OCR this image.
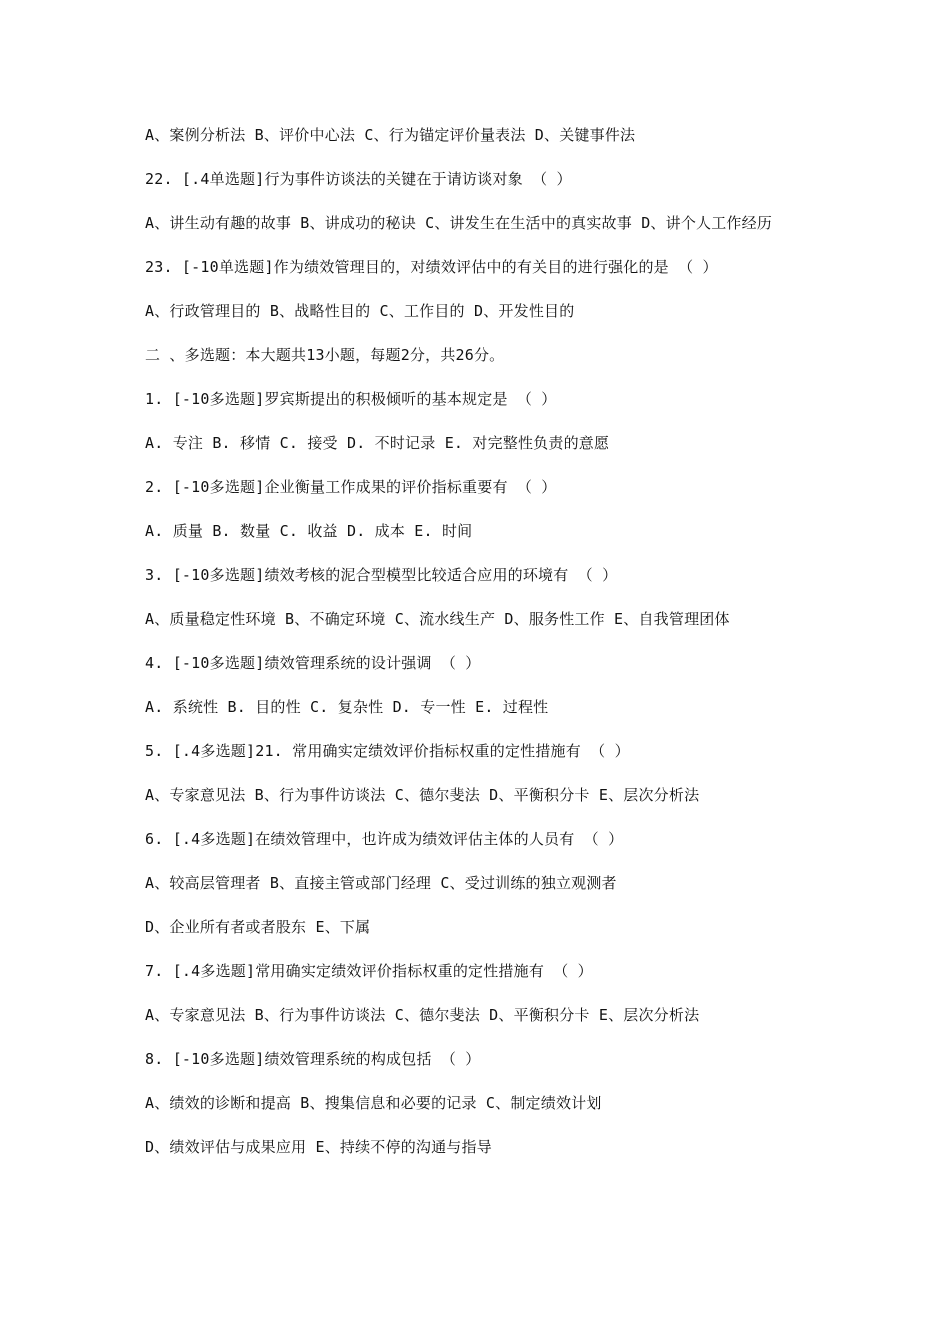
A、案例分析法 B、评价中心法 C、行为锚定评价量表法 D、关键事件法

22. [.4单选题]行为事件访谈法的关键在于请访谈对象 （ ）

A、讲生动有趣的故事 B、讲成功的秘诀 C、讲发生在生活中的真实故事 D、讲个人工作经历

23. [-10单选题]作为绩效管理目的，对绩效评估中的有关目的进行强化的是 （ ）

A、行政管理目的 B、战略性目的 C、工作目的 D、开发性目的

二 、多选题：本大题共13小题，每题2分，共26分。

1. [-10多选题]罗宾斯提出的积极倾听的基本规定是 （ ）

A. 专注 B. 移情 C. 接受 D. 不时记录 E. 对完整性负责的意愿

2. [-10多选题]企业衡量工作成果的评价指标重要有 （ ）

A. 质量 B. 数量 C. 收益 D. 成本 E. 时间

3. [-10多选题]绩效考核的泥合型模型比较适合应用的环境有 （ ）

A、质量稳定性环境 B、不确定环境 C、流水线生产 D、服务性工作 E、自我管理团体

4. [-10多选题]绩效管理系统的设计强调 （ ）

A. 系统性 B. 目的性 C. 复杂性 D. 专一性 E. 过程性

5. [.4多选题]21. 常用确实定绩效评价指标权重的定性措施有 （ ）

A、专家意见法 B、行为事件访谈法 C、德尔斐法 D、平衡积分卡 E、层次分析法

6. [.4多选题]在绩效管理中，也许成为绩效评估主体的人员有 （ ）

A、较高层管理者 B、直接主管或部门经理 C、受过训练的独立观测者

D、企业所有者或者股东 E、下属

7. [.4多选题]常用确实定绩效评价指标权重的定性措施有 （ ）

A、专家意见法 B、行为事件访谈法 C、德尔斐法 D、平衡积分卡 E、层次分析法

8. [-10多选题]绩效管理系统的构成包括 （ ）

A、绩效的诊断和提高 B、搜集信息和必要的记录 C、制定绩效计划

D、绩效评估与成果应用 E、持续不停的沟通与指导
